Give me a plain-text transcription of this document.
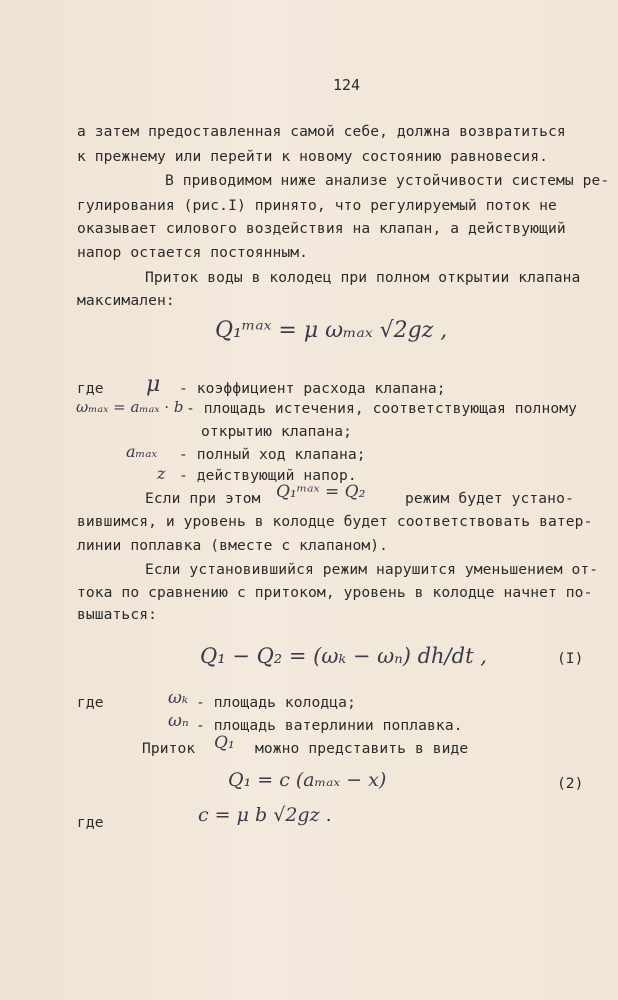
124
а затем предоставленная самой себе, должна возвратиться
к прежнему или перейти к новому состоянию равновесия.
В приводимом ниже анализе устойчивости системы ре-
гулирования (рис.I) принято, что регулируемый поток не
оказывает силового воздействия на клапан, а действующий
напор остается постоянным.
Приток воды в колодец при полном открытии клапана
максимален:
Q₁ᵐᵃˣ = μ ωₘₐₓ √2gz ,
где μ - коэффициент расхода клапана;
ωₘₐₓ = aₘₐₓ · b - площадь истечения, соответствующая полному
открытию клапана;
aₘₐₓ - полный ход клапана;
z - действующий напор.
Если при этом Q₁ᵐᵃˣ = Q₂	режим будет устано-
вившимся, и уровень в колодце будет соответствовать ватер-
линии поплавка (вместе с клапаном).
Если установившийся режим нарушится уменьшением от-
тока по сравнению с притоком, уровень в колодце начнет по-
вышаться:
Q₁ − Q₂ = (ωₖ − ωₙ) dh/dt ,	(I)
где	ωₖ - площадь колодца;
ωₙ - площадь ватерлинии поплавка.
Приток Q₁ можно представить в виде
Q₁ = c (aₘₐₓ − x)	(2)
где	c = μ b √2gz .
